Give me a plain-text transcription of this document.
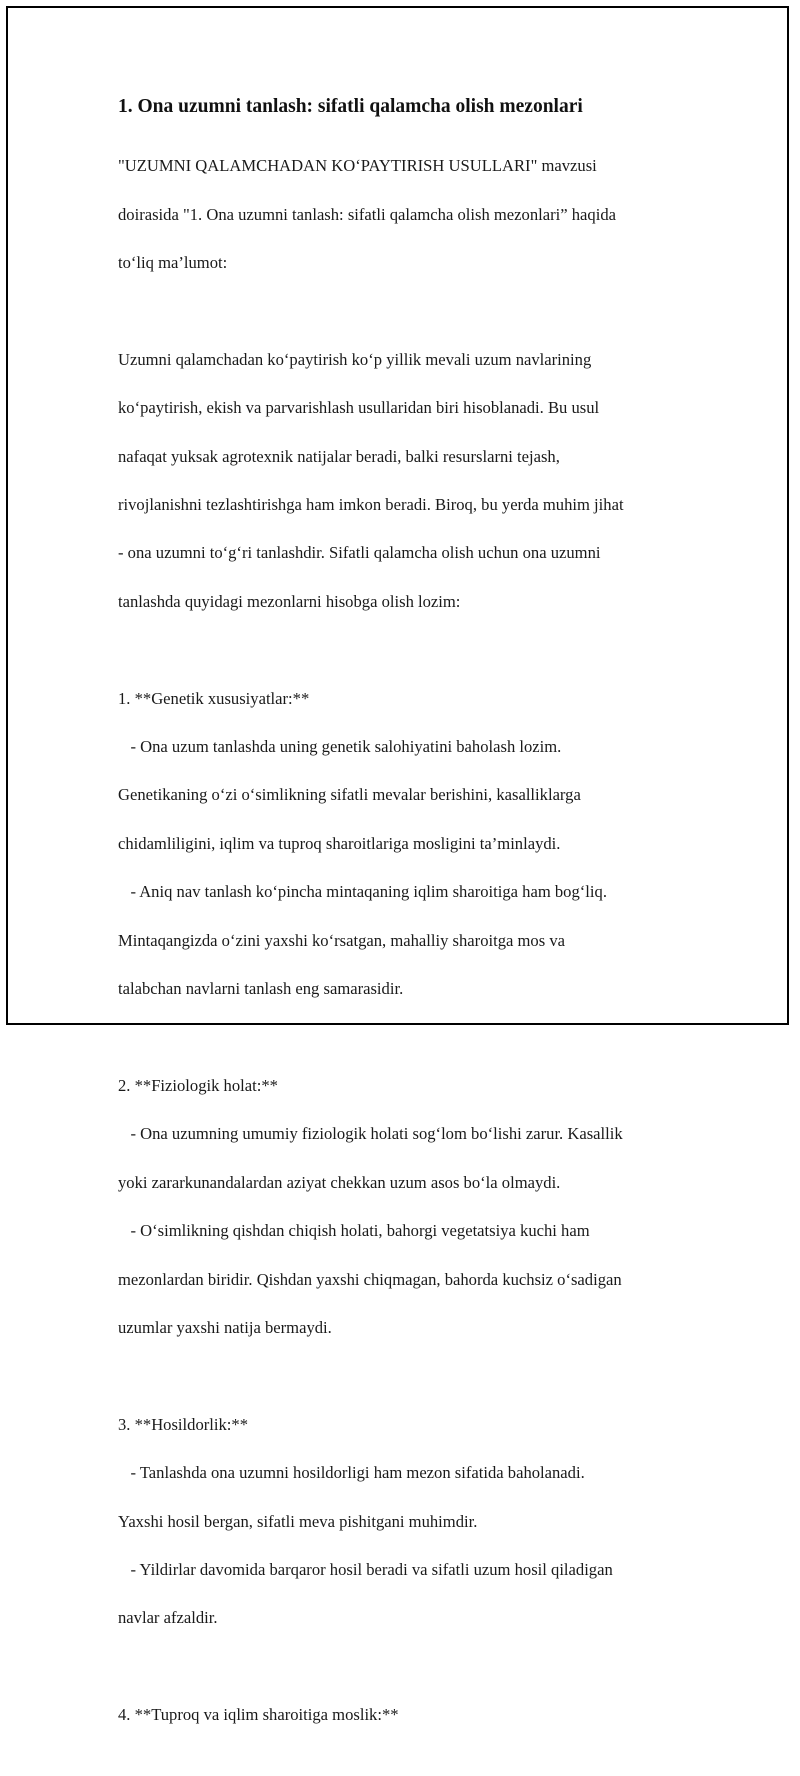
1. Ona uzumni tanlash: sifatli qalamcha olish mezonlari

"UZUMNI QALAMCHADAN KO‘PAYTIRISH USULLARI" mavzusi

doirasida "1. Ona uzumni tanlash: sifatli qalamcha olish mezonlari” haqida

to‘liq ma’lumot:

Uzumni qalamchadan ko‘paytirish ko‘p yillik mevali uzum navlarining

ko‘paytirish, ekish va parvarishlash usullaridan biri hisoblanadi. Bu usul

nafaqat yuksak agrotexnik natijalar beradi, balki resurslarni tejash,

rivojlanishni tezlashtirishga ham imkon beradi. Biroq, bu yerda muhim jihat

- ona uzumni to‘g‘ri tanlashdir. Sifatli qalamcha olish uchun ona uzumni

tanlashda quyidagi mezonlarni hisobga olish lozim:

1. **Genetik xususiyatlar:**

- Ona uzum tanlashda uning genetik salohiyatini baholash lozim.

Genetikaning o‘zi o‘simlikning sifatli mevalar berishini, kasalliklarga

chidamliligini, iqlim va tuproq sharoitlariga mosligini ta’minlaydi.

- Aniq nav tanlash ko‘pincha mintaqaning iqlim sharoitiga ham bog‘liq.

Mintaqangizda o‘zini yaxshi ko‘rsatgan, mahalliy sharoitga mos va

talabchan navlarni tanlash eng samarasidir.

2. **Fiziologik holat:**

- Ona uzumning umumiy fiziologik holati sog‘lom bo‘lishi zarur. Kasallik

yoki zararkunandalardan aziyat chekkan uzum asos bo‘la olmaydi.

- O‘simlikning qishdan chiqish holati, bahorgi vegetatsiya kuchi ham

mezonlardan biridir. Qishdan yaxshi chiqmagan, bahorda kuchsiz o‘sadigan

uzumlar yaxshi natija bermaydi.

3. **Hosildorlik:**

- Tanlashda ona uzumni hosildorligi ham mezon sifatida baholanadi.

Yaxshi hosil bergan, sifatli meva pishitgani muhimdir.

- Yildirlar davomida barqaror hosil beradi va sifatli uzum hosil qiladigan

navlar afzaldir.

4. **Tuproq va iqlim sharoitiga moslik:**
